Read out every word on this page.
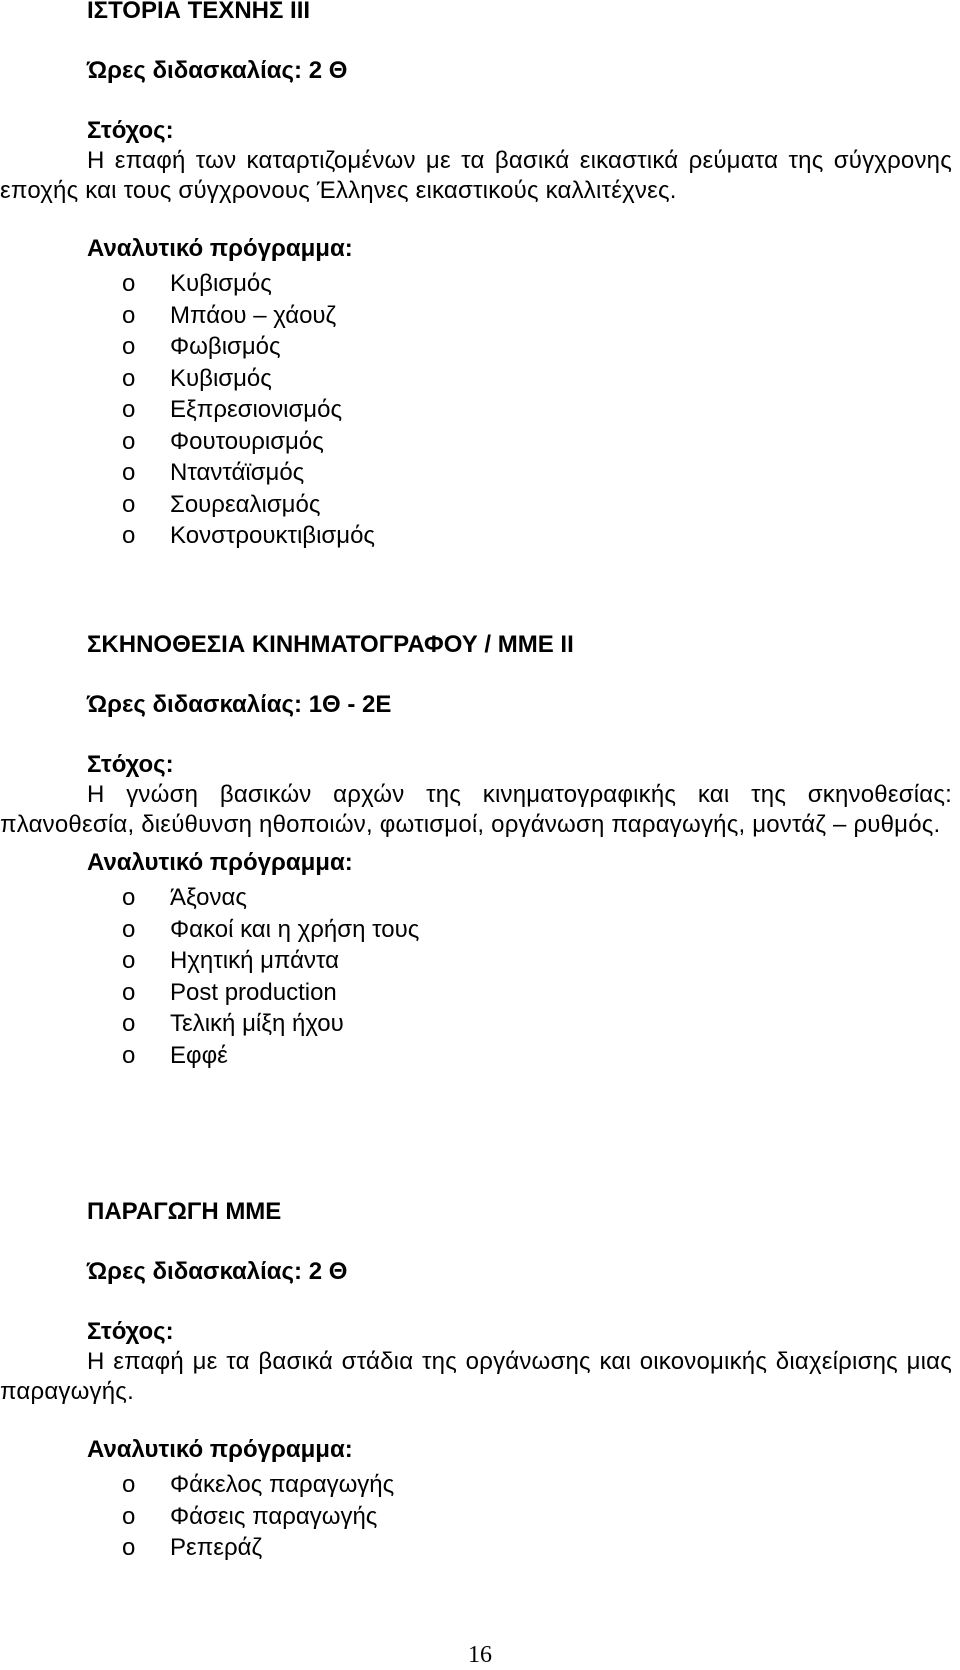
ΙΣΤΟΡΙΑ ΤΕΧΝΗΣ ΙΙΙ
Ώρες διδασκαλίας: 2 Θ
Στόχος:

Η επαφή των καταρτιζομένων με τα βασικά εικαστικά ρεύματα της σύγχρονης εποχής και τους σύγχρονους Έλληνες εικαστικούς καλλιτέχνες.

Αναλυτικό πρόγραμμα:
o Κυβισμός
o Μπάου – χάουζ
o Φωβισμός
o Κυβισμός
o Εξπρεσιονισμός
o Φουτουρισμός
o Νταντάϊσμός
o Σουρεαλισμός
o Κονστρουκτιβισμός
ΣΚΗΝΟΘΕΣΙΑ ΚΙΝΗΜΑΤΟΓΡΑΦΟΥ / ΜΜΕ ΙΙ
Ώρες διδασκαλίας: 1Θ - 2Ε
Στόχος:

Η γνώση βασικών αρχών της κινηματογραφικής και της σκηνοθεσίας: πλανοθεσία, διεύθυνση ηθοποιών, φωτισμοί, οργάνωση παραγωγής, μοντάζ – ρυθμός.

Αναλυτικό πρόγραμμα:
o Άξονας
o Φακοί και η χρήση τους
o Ηχητική μπάντα
o Post production
o Τελική μίξη ήχου
o Εφφέ
ΠΑΡΑΓΩΓΗ ΜΜΕ
Ώρες διδασκαλίας: 2 Θ
Στόχος:

Η επαφή με τα βασικά στάδια της οργάνωσης και οικονομικής διαχείρισης μιας παραγωγής.

Αναλυτικό πρόγραμμα:
o Φάκελος παραγωγής
o Φάσεις παραγωγής
o Ρεπεράζ
16
